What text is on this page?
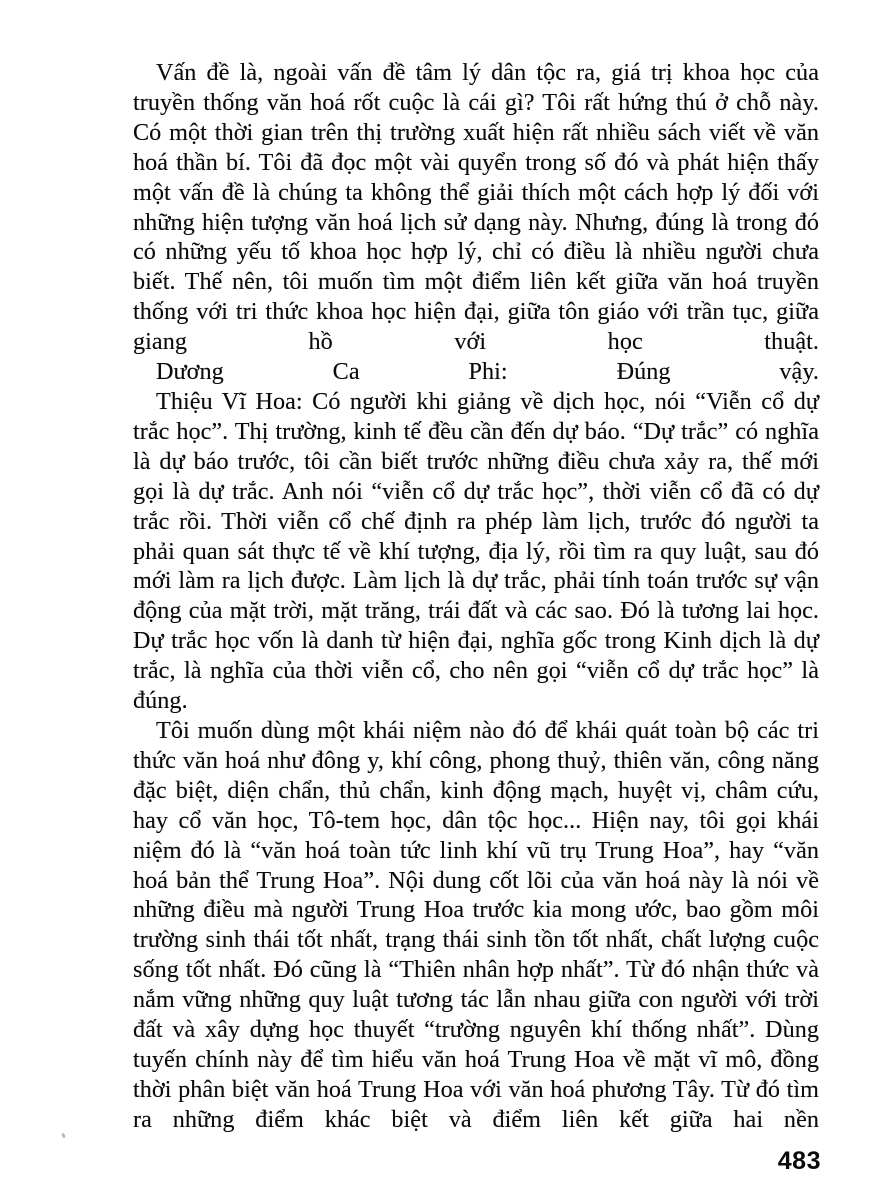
Vấn đề là, ngoài vấn đề tâm lý dân tộc ra, giá trị khoa học của truyền thống văn hoá rốt cuộc là cái gì? Tôi rất hứng thú ở chỗ này. Có một thời gian trên thị trường xuất hiện rất nhiều sách viết về văn hoá thần bí. Tôi đã đọc một vài quyển trong số đó và phát hiện thấy một vấn đề là chúng ta không thể giải thích một cách hợp lý đối với những hiện tượng văn hoá lịch sử dạng này. Nhưng, đúng là trong đó có những yếu tố khoa học hợp lý, chỉ có điều là nhiều người chưa biết. Thế nên, tôi muốn tìm một điểm liên kết giữa văn hoá truyền thống với tri thức khoa học hiện đại, giữa tôn giáo với trần tục, giữa giang hồ với học thuật.

Dương Ca Phi: Đúng vậy.

Thiệu Vĩ Hoa: Có người khi giảng về dịch học, nói “Viễn cổ dự trắc học”. Thị trường, kinh tế đều cần đến dự báo. “Dự trắc” có nghĩa là dự báo trước, tôi cần biết trước những điều chưa xảy ra, thế mới gọi là dự trắc. Anh nói “viễn cổ dự trắc học”, thời viễn cổ đã có dự trắc rồi. Thời viễn cổ chế định ra phép làm lịch, trước đó người ta phải quan sát thực tế về khí tượng, địa lý, rồi tìm ra quy luật, sau đó mới làm ra lịch được. Làm lịch là dự trắc, phải tính toán trước sự vận động của mặt trời, mặt trăng, trái đất và các sao. Đó là tương lai học. Dự trắc học vốn là danh từ hiện đại, nghĩa gốc trong Kinh dịch là dự trắc, là nghĩa của thời viễn cổ, cho nên gọi “viễn cổ dự trắc học” là đúng.

Tôi muốn dùng một khái niệm nào đó để khái quát toàn bộ các tri thức văn hoá như đông y, khí công, phong thuỷ, thiên văn, công năng đặc biệt, diện chẩn, thủ chẩn, kinh động mạch, huyệt vị, châm cứu, hay cổ văn học, Tô-tem học, dân tộc học... Hiện nay, tôi gọi khái niệm đó là “văn hoá toàn tức linh khí vũ trụ Trung Hoa”, hay “văn hoá bản thể Trung Hoa”. Nội dung cốt lõi của văn hoá này là nói về những điều mà người Trung Hoa trước kia mong ước, bao gồm môi trường sinh thái tốt nhất, trạng thái sinh tồn tốt nhất, chất lượng cuộc sống tốt nhất. Đó cũng là “Thiên nhân hợp nhất”. Từ đó nhận thức và nắm vững những quy luật tương tác lẫn nhau giữa con người với trời đất và xây dựng học thuyết “trường nguyên khí thống nhất”. Dùng tuyến chính này để tìm hiểu văn hoá Trung Hoa về mặt vĩ mô, đồng thời phân biệt văn hoá Trung Hoa với văn hoá phương Tây. Từ đó tìm ra những điểm khác biệt và điểm liên kết giữa hai nền

483
